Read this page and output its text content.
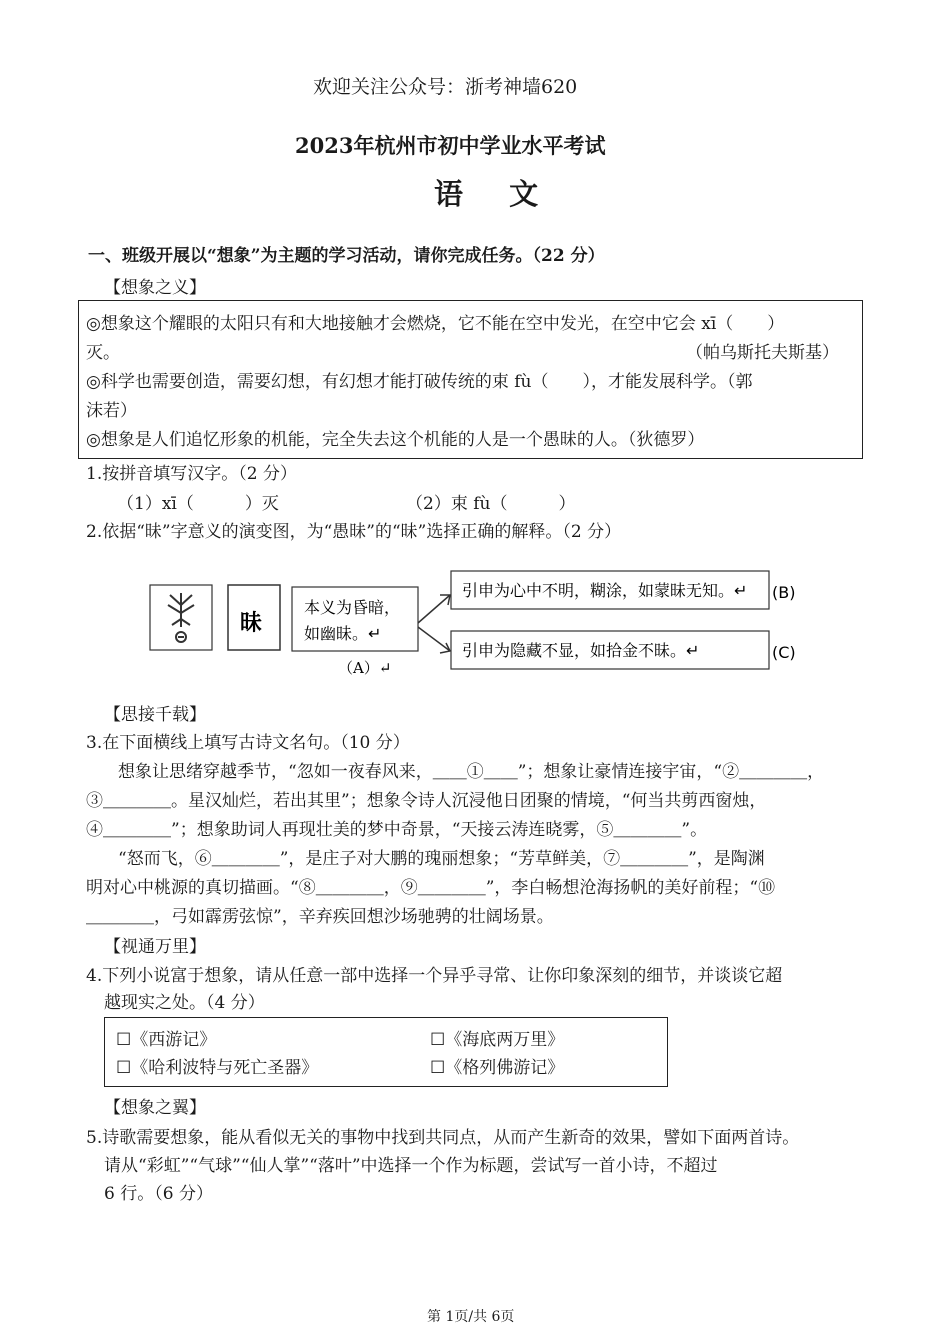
欢迎关注公众号：浙考神墙620
2023年杭州市初中学业水平考试
语 文
一、班级开展以“想象”为主题的学习活动，请你完成任务。（22 分）
【想象之义】
◎想象这个耀眼的太阳只有和大地接触才会燃烧，它不能在空中发光，在空中它会 xī（　　）
灭。	（帕乌斯托夫斯基）
◎科学也需要创造，需要幻想，有幻想才能打破传统的束 fù（　　），才能发展科学。（郭
沫若）
◎想象是人们追忆形象的机能，完全失去这个机能的人是一个愚昧的人。（狄德罗）
1.按拼音填写汉字。（2 分）
（1）xī（　　　）灭	（2）束 fù（　　　）
2.依据“昧”字意义的演变图，为“愚昧”的“昧”选择正确的解释。（2 分）
昧
本义为昏暗，
如幽昧。↵
（A）↵
引申为心中不明，糊涂，如蒙昧无知。↵ (B)
引申为隐藏不显，如拾金不昧。↵	(C)
【思接千载】
3.在下面横线上填写古诗文名句。（10 分）
想象让思绪穿越季节，“忽如一夜春风来，＿＿①＿＿”；想象让豪情连接宇宙，“②＿＿＿＿，
③＿＿＿＿。星汉灿烂，若出其里”；想象令诗人沉浸他日团聚的情境，“何当共剪西窗烛，
④＿＿＿＿”；想象助词人再现壮美的梦中奇景，“天接云涛连晓雾，⑤＿＿＿＿”。
“怒而飞，⑥＿＿＿＿”，是庄子对大鹏的瑰丽想象；“芳草鲜美，⑦＿＿＿＿”，是陶渊
明对心中桃源的真切描画。“⑧＿＿＿＿，⑨＿＿＿＿”，李白畅想沧海扬帆的美好前程；“⑩
＿＿＿＿，弓如霹雳弦惊”，辛弃疾回想沙场驰骋的壮阔场景。
【视通万里】
4.下列小说富于想象，请从任意一部中选择一个异乎寻常、让你印象深刻的细节，并谈谈它超
越现实之处。（4 分）
☐《西游记》	☐《海底两万里》
☐《哈利波特与死亡圣器》	☐《格列佛游记》
【想象之翼】
5.诗歌需要想象，能从看似无关的事物中找到共同点，从而产生新奇的效果，譬如下面两首诗。
请从“彩虹”“气球”“仙人掌”“落叶”中选择一个作为标题，尝试写一首小诗，不超过
6 行。（6 分）
第 1页/共 6页
